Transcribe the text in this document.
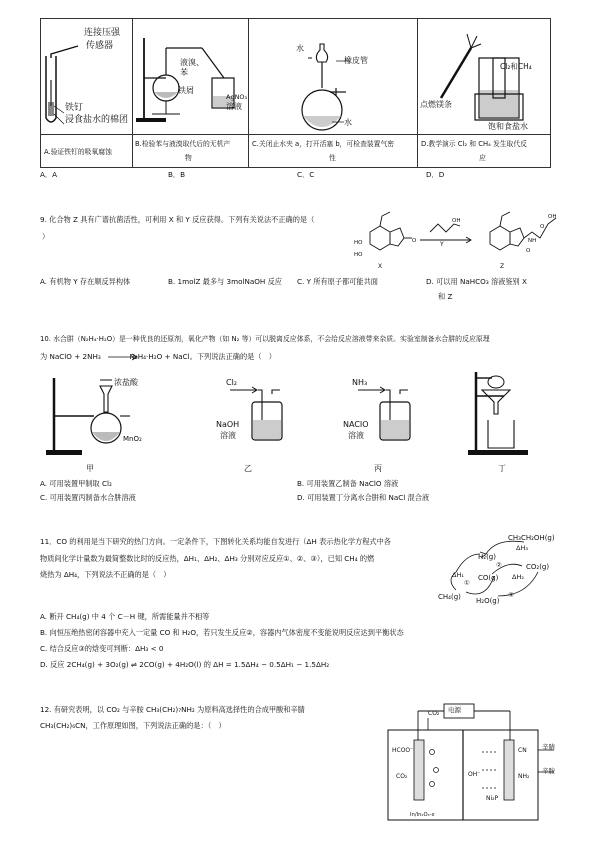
连接压强
传感器
铁钉
浸食盐水的棉团
液溴、
苯
铁屑
AgNO₃
溶液
水
橡皮管
水
Cl₂和CH₄
点燃镁条
饱和食盐水
A.验证铁钉的吸氧腐蚀
B.检验苯与液溴取代后的无机产
物
C.关闭止水夹 a，打开活塞 b，可检查装置气密
性
D.教学演示 Cl₂ 和 CH₄ 发生取代反
应
A．A	B．B	C．C	D．D
9. 化合物 Z 具有广谱抗菌活性，可利用 X 和 Y 反应获得。下列有关说法不正确的是（
）
X
Y
Z
HO
HO
O	NH
O
OH
OH
O
A. 有机物 Y 存在顺反异构体	B. 1molZ 最多与 3molNaOH 反应 C. Y 所有原子都可能共面	D. 可以用 NaHCO₃ 溶液鉴别 X
和 Z
10. 水合肼（N₂H₄·H₂O）是一种优良的还原剂，氧化产物（如 N₂ 等）可以脱离反应体系，不会给反应溶液带来杂质。实验室制备水合肼的反应原理
为 NaClO + 2NH₃　　　　N₂H₄·H₂O + NaCl。下列说法正确的是（　）
浓盐酸
MnO₂
Cl₂
NaOH
溶液
NH₃
NACIO
溶液
甲	乙	丙	丁
A. 可用装置甲制取 Cl₂	B. 可用装置乙制备 NaClO 溶液
C. 可用装置丙制备水合肼溶液	D. 可用装置丁分离水合肼和 NaCl 混合液
11．CO 的利用是当下研究的热门方向。一定条件下，下图转化关系均能自发进行（ΔH 表示热化学方程式中各
物质间化学计量数为最简整数比时的反应热，ΔH₁、ΔH₂、ΔH₃ 分别对应反应①、②、③），已知 CH₄ 的燃
烧热为 ΔH₄，下列说法不正确的是（　）
CH₃CH₂OH(g)
ΔH₃
H₂(g)
②	CO₂(g)
ΔH₁
①
CO(g) ΔH₂
CH₄(g) H₂O(g)
③
A. 断开 CH₄(g) 中 4 个 C－H 键，所需能量并不相等
B. 向恒压绝热密闭容器中充入一定量 CO 和 H₂O，若只发生反应②，容器内气体密度不变能说明反应达到平衡状态
C. 结合反应③的焓变可判断：ΔH₃ < 0
D. 反应 2CH₄(g) + 3O₂(g) ⇌ 2CO(g) + 4H₂O(l) 的 ΔH = 1.5ΔH₄ − 0.5ΔH₁ − 1.5ΔH₂
12. 有研究表明，以 CO₂ 与辛胺 CH₃(CH₂)₇NH₂ 为原料高选择性的合成甲酸和辛腈
CH₃(CH₂)₆CN，工作原理如图，下列说法正确的是：（　）
电源
CO₂
HCOO⁻
CO₂
In/In₂O₃-x
OH⁻
CN
NH₂
Ni₂P
辛腈
辛胺
